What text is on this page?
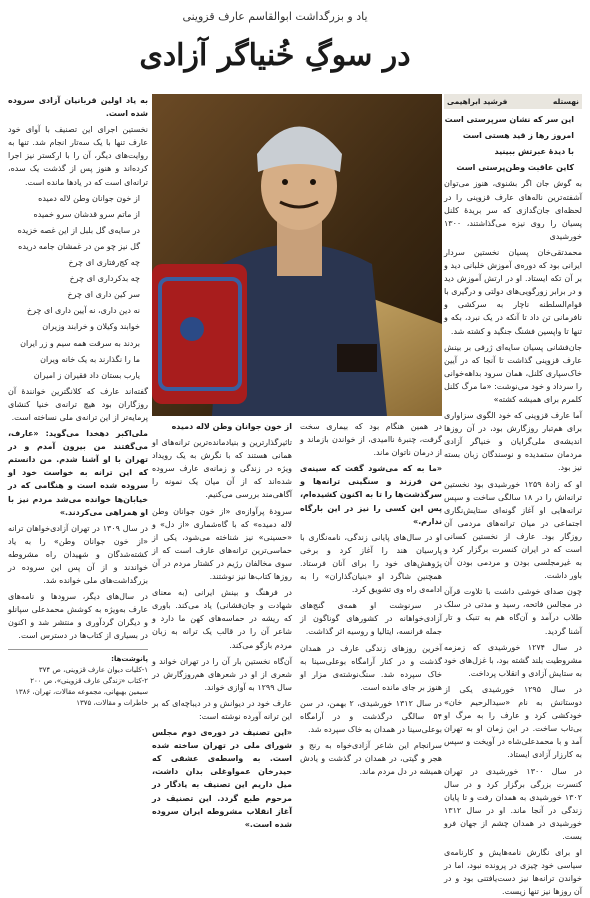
یاد و بزرگداشت ابوالقاسم عارف قزوینی
در سوگِ خُنیاگر آزادی
نهستله
فرشید ابراهیمی

این سر که نشان سرپرستی است

امروز رها ز قید هستی است

با دیدهٔ عبرتش ببینید

کاین عاقبت وطن‌پرستی است

به گوش جان اگر بشنوی، هنوز می‌توان آشفته‌ترین ناله‌های عارف قزوینی را در لحظه‌ای جان‌گدازی که سر بریدهٔ کلنل پسیان را روی نیزه می‌گذاشتند، ۱۳۰۰ خورشیدی

محمدتقی‌خان پسیان نخستین سردار ایرانی بود که دوره‌ی آموزش خلبانی دید و بر آن تکه ایستاد. او در ارتش آموزش دید و در برابر زورگویی‌های دولتی و درگیری با قوام‌السلطنه ناچار به سرکشی و نافرمانی تن داد تا آنکه در یک نبرد، بکه و تنها تا واپسین فشنگ جنگید و کشته شد.

جان‌فشانی پسیان سایه‌ای ژرفی بر بینش عارف قزوینی گذاشت تا آنجا که در آیین خاک‌سپاری کلنل، همان سرود بداهه‌خوانی را سرداد و خود می‌نوشت: «ما مرگ کلنل کلمرم برای همیشه کشته»

آما عارف قزوینی که خود الگوی سزاواری برای هم‌تبار روزگارش بود، در آن روزها اندیشه‌ی ملی‌گرایان و خنیاگر آزادی مردمان ستمدیده و نوسندگان زبان بسته نیز بود.

او که زادهٔ ۱۲۵۹ خورشیدی بود نخستین ترانه‌اش را در ۱۸ سالگی ساخت و سپس ترانه‌هایی او آغاز گونه‌ای ستایش‌نگاری اجتماعی در میان ترانه‌های مردمی آن روزگار بود. عارف از نخستین کسانی است که در ایران کنسرت برگزار کرد و به غیرمجلسی بودن و مردمی بودن آن باور داشت.

چون صدای خوشی داشت با تلاوت قرآن در مجالس فاتحه، رسید و مدتی در سلک طلاب درآمد و آن‌گاه هم به تنبک و تار آشنا گردید.

در سال ۱۲۷۴ خورشیدی که زمزمه مشروطیت بلند گشته بود، با غزل‌های خود به ستایش آزادی و انقلاب پرداخت.

در سال ۱۲۹۵ خورشیدی یکی از دوستانش به نام «سیدالرحیم خان» خودکشی کرد و عارف را به مرگ او بی‌تاب ساخت. در این زمان او به تهران آمد و با محمدعلی‌شاه در آویخت و سپس به کارزار آزادی ایستاد.

در سال ۱۳۰۰ خورشیدی در تهران کنسرت بزرگی برگزار کرد و در سال ۱۳۰۲ خورشیدی به همدان رفت و تا پایان زندگی در آنجا ماند. او در سال ۱۳۱۲ خورشیدی در همدان چشم از جهان فرو بست.

او برای نگارش نامه‌هایش و کارنامه‌ی سیاسی خود چیزی در پرونده نبود، اما در خواندن ترانه‌ها نیز دست‌یافتنی بود و در آن روزها نیز تنها زیست.

در همین هنگام بود که بیماری سخت گرفت، چنبرهٔ ناامیدی، از خواندن بازماند و از درمان ناتوان ماند.

«ما به که می‌شود گفت که سینه‌ی من فرزند و سنگینی ترانه‌ها و سرگذشت‌ها را تا به اکنون کشیده‌ام، پس این کسی را نیز در این بارگاه ندارم.»

او در سال‌های پایانی زندگی، نامه‌نگاری با پارسیان هند را آغاز کرد و برخی پژوهش‌های خود را برای آنان فرستاد. همچنین شاگرد او «بنیان‌گذاران» را به ادامه‌ی راه وی تشویق کرد.

در سرنوشت او همه‌ی گنج‌های آزادی‌خواهانه در کشورهای گوناگون از جمله فرانسه، ایتالیا و روسیه اثر گذاشت.

آخرین روزهای زندگی عارف در همدان گذشت و در کنار آرامگاه بوعلی‌سینا به خاک سپرده شد. سنگ‌نوشته‌ی مزار او هنوز بر جای مانده است.

در سال ۱۳۱۲ خورشیدی، ۲ بهمن، در سن ۵۴ سالگی درگذشت و در آرامگاه بوعلی‌سینا در همدان به خاک سپرده شد.

سرانجام این شاعر آزادی‌خواه به رنج و هجر و گیتی، در همدان در گذشت و یادش همیشه در دل مردم ماند.

از خون جوانان وطن لاله دمیده

تاثیرگذارترین و بنیادمانده‌ترین ترانه‌های او همانی هستند که با نگرش به یک رویداد ویژه در زندگی و زمانه‌ی عارف سروده شده‌اند که از آن میان یک نمونه را آگاهی‌مند بررسی‌ می‌کنیم.

سرودهٔ پرآوازه‌ی «از خون جوانان وطن لاله دمیده» که با گاه‌شماری «از دل» و «حسینی» نیز شناخته می‌شود، یکی از حماسی‌ترین ترانه‌های عارف است که از سوی مخالفان رژیم در کشتار مردم در آن روزها کتاب‌ها نیز نوشتند.

در فرهنگ و بینش ایرانی (به معنای شهادت و جان‌فشانی) یاد می‌کند. باوری که ریشه در حماسه‌های کهن ما دارد و شاعر آن را در قالب یک ترانه به زبان مردم بازگو می‌کند.

آن‌گاه نخستین بار آن را در تهران خواند و شعری از او در شعرهای هم‌روزگارش در سال ۱۲۹۹ به آوازی خواند.

عارف خود در دیوانش و در دیباچه‌ای که بر این ترانه آورده نوشته است:

«این تصنیف در دوره‌ی دوم مجلس شورای ملی در تهران ساخته شده است. به واسطه‌ی عشقی که حیدرخان عمواوغلی بدان داشت، میل داریم این تصنیف به یادگار در مرحوم طبع گردد. این تصنیف در آغاز انقلاب مشروطه ایران سروده شده است.»

به یاد اولین قربانیان آزادی سروده شده است.

نخستین اجرای این تصنیف با آوای خود عارف تنها با یک سه‌تار انجام شد. تنها به روایت‌های دیگر، آن را با ارکستر نیز اجرا کرده‌اند و هنوز پس از گذشت یک سده، ترانه‌ای است که در یادها مانده است.

از خون جوانان وطن لاله دمیده

از ماتم سرو قدشان سرو خمیده

در سایه‌ی گل بلبل از این غصه خزیده

گل نیز چو من در غمشان جامه دریده

چه کج‌رفتاری ای چرخ

چه بدکرداری ای چرخ

سر کین داری ای چرخ

نه دین داری، نه آیین داری ای چرخ

خوابند وکیلان و خرابند وزیران

بردند به سرقت همه سیم و زر ایران

ما را نگذارند به یک خانه ویران

یارب بستان داد فقیران ز امیران

گفته‌اند عارف که کلانگترین خوانندهٔ آن روزگاران بود هیچ ترانه‌ی خنیا کنشای پرمایه‌تر از این ترانه‌ی ملی نساخته است.

ملی‌اکبر دهخدا می‌گوید: «عارف، می‌گفتند من بیرون آمدم و در تهران با او آشنا شدم. من دانستم که این ترانه به خواست خود او سروده شده است و هنگامی که در خیابان‌ها خوانده می‌شد مردم نیز با او همراهی می‌کردند.»

در سال ۱۳۰۹ در تهران آزادی‌خواهان ترانه «از خون جوانان وطن» را به یاد کشته‌شدگان و شهیدان راه مشروطه خواندند و از آن پس این سروده در بزرگداشت‌های ملی خوانده شد.

در سال‌های دیگر، سرودها و نامه‌های عارف به‌ویژه به کوشش محمدعلی سپانلو و دیگران گردآوری و منتشر شد و اکنون در بسیاری از کتاب‌ها در دسترس است.

پانوشت‌ها:
۱-کلیات دیوان عارف قزوینی، ص ۳۷۴
۲-کتاب «زندگی عارف قزوینی»، ص ۲۰۰
سیمین بهبهانی، مجموعه مقالات، تهران، ۱۳۸۶
خاطرات و مقالات، ۱۳۷۵
